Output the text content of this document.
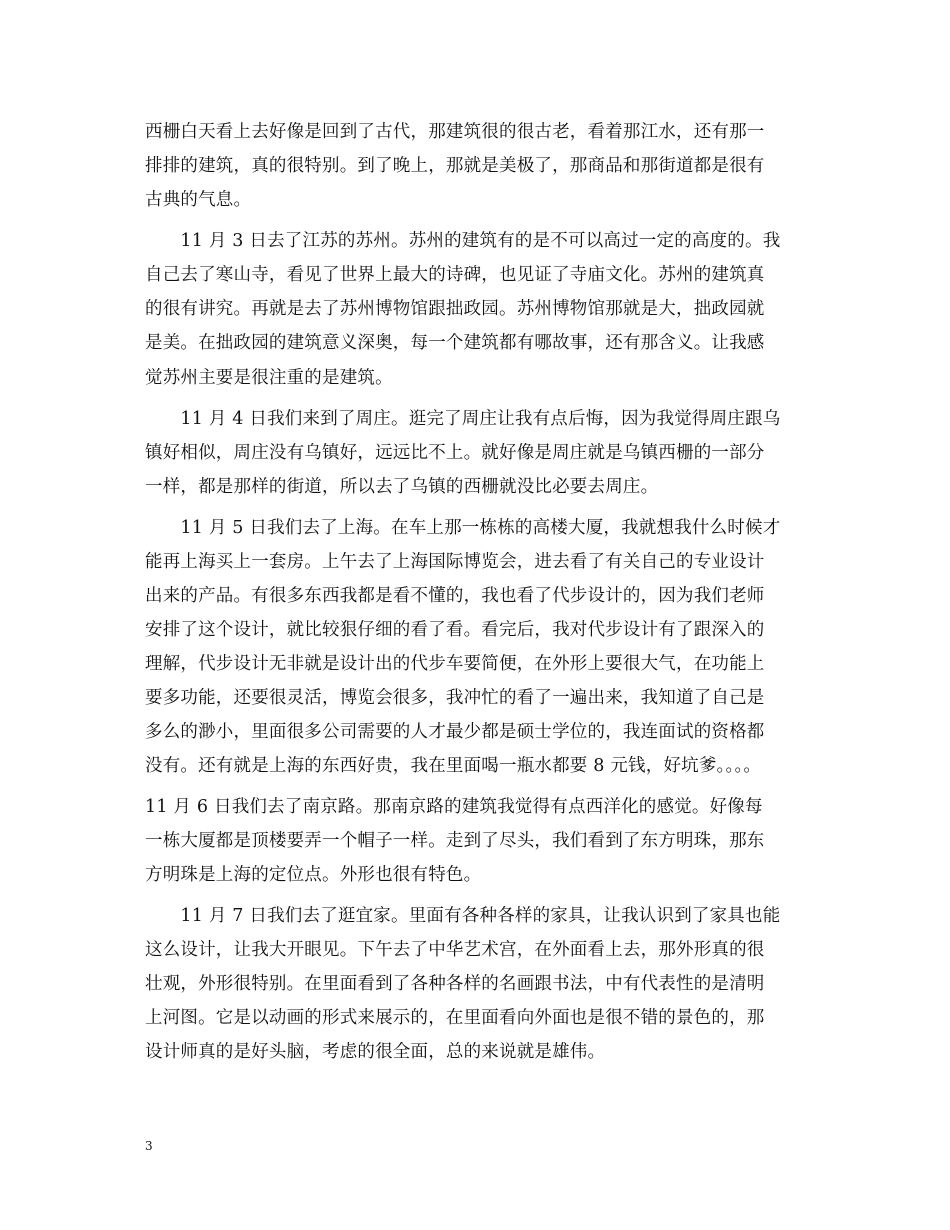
西栅白天看上去好像是回到了古代，那建筑很的很古老，看着那江水，还有那一
排排的建筑，真的很特别。到了晚上，那就是美极了，那商品和那街道都是很有
古典的气息。
　　11 月 3 日去了江苏的苏州。苏州的建筑有的是不可以高过一定的高度的。我
自己去了寒山寺，看见了世界上最大的诗碑，也见证了寺庙文化。苏州的建筑真
的很有讲究。再就是去了苏州博物馆跟拙政园。苏州博物馆那就是大，拙政园就
是美。在拙政园的建筑意义深奥，每一个建筑都有哪故事，还有那含义。让我感
觉苏州主要是很注重的是建筑。
　　11 月 4 日我们来到了周庄。逛完了周庄让我有点后悔，因为我觉得周庄跟乌
镇好相似，周庄没有乌镇好，远远比不上。就好像是周庄就是乌镇西栅的一部分
一样，都是那样的街道，所以去了乌镇的西栅就没比必要去周庄。
　　11 月 5 日我们去了上海。在车上那一栋栋的高楼大厦，我就想我什么时候才
能再上海买上一套房。上午去了上海国际博览会，进去看了有关自己的专业设计
出来的产品。有很多东西我都是看不懂的，我也看了代步设计的，因为我们老师
安排了这个设计，就比较狠仔细的看了看。看完后，我对代步设计有了跟深入的
理解，代步设计无非就是设计出的代步车要简便，在外形上要很大气，在功能上
要多功能，还要很灵活，博览会很多，我冲忙的看了一遍出来，我知道了自己是
多么的渺小，里面很多公司需要的人才最少都是硕士学位的，我连面试的资格都
没有。还有就是上海的东西好贵，我在里面喝一瓶水都要 8 元钱，好坑爹。。。。
11 月 6 日我们去了南京路。那南京路的建筑我觉得有点西洋化的感觉。好像每
一栋大厦都是顶楼要弄一个帽子一样。走到了尽头，我们看到了东方明珠，那东
方明珠是上海的定位点。外形也很有特色。
　　11 月 7 日我们去了逛宜家。里面有各种各样的家具，让我认识到了家具也能
这么设计，让我大开眼见。下午去了中华艺术宫，在外面看上去，那外形真的很
壮观，外形很特别。在里面看到了各种各样的名画跟书法，中有代表性的是清明
上河图。它是以动画的形式来展示的，在里面看向外面也是很不错的景色的，那
设计师真的是好头脑，考虑的很全面，总的来说就是雄伟。
3
